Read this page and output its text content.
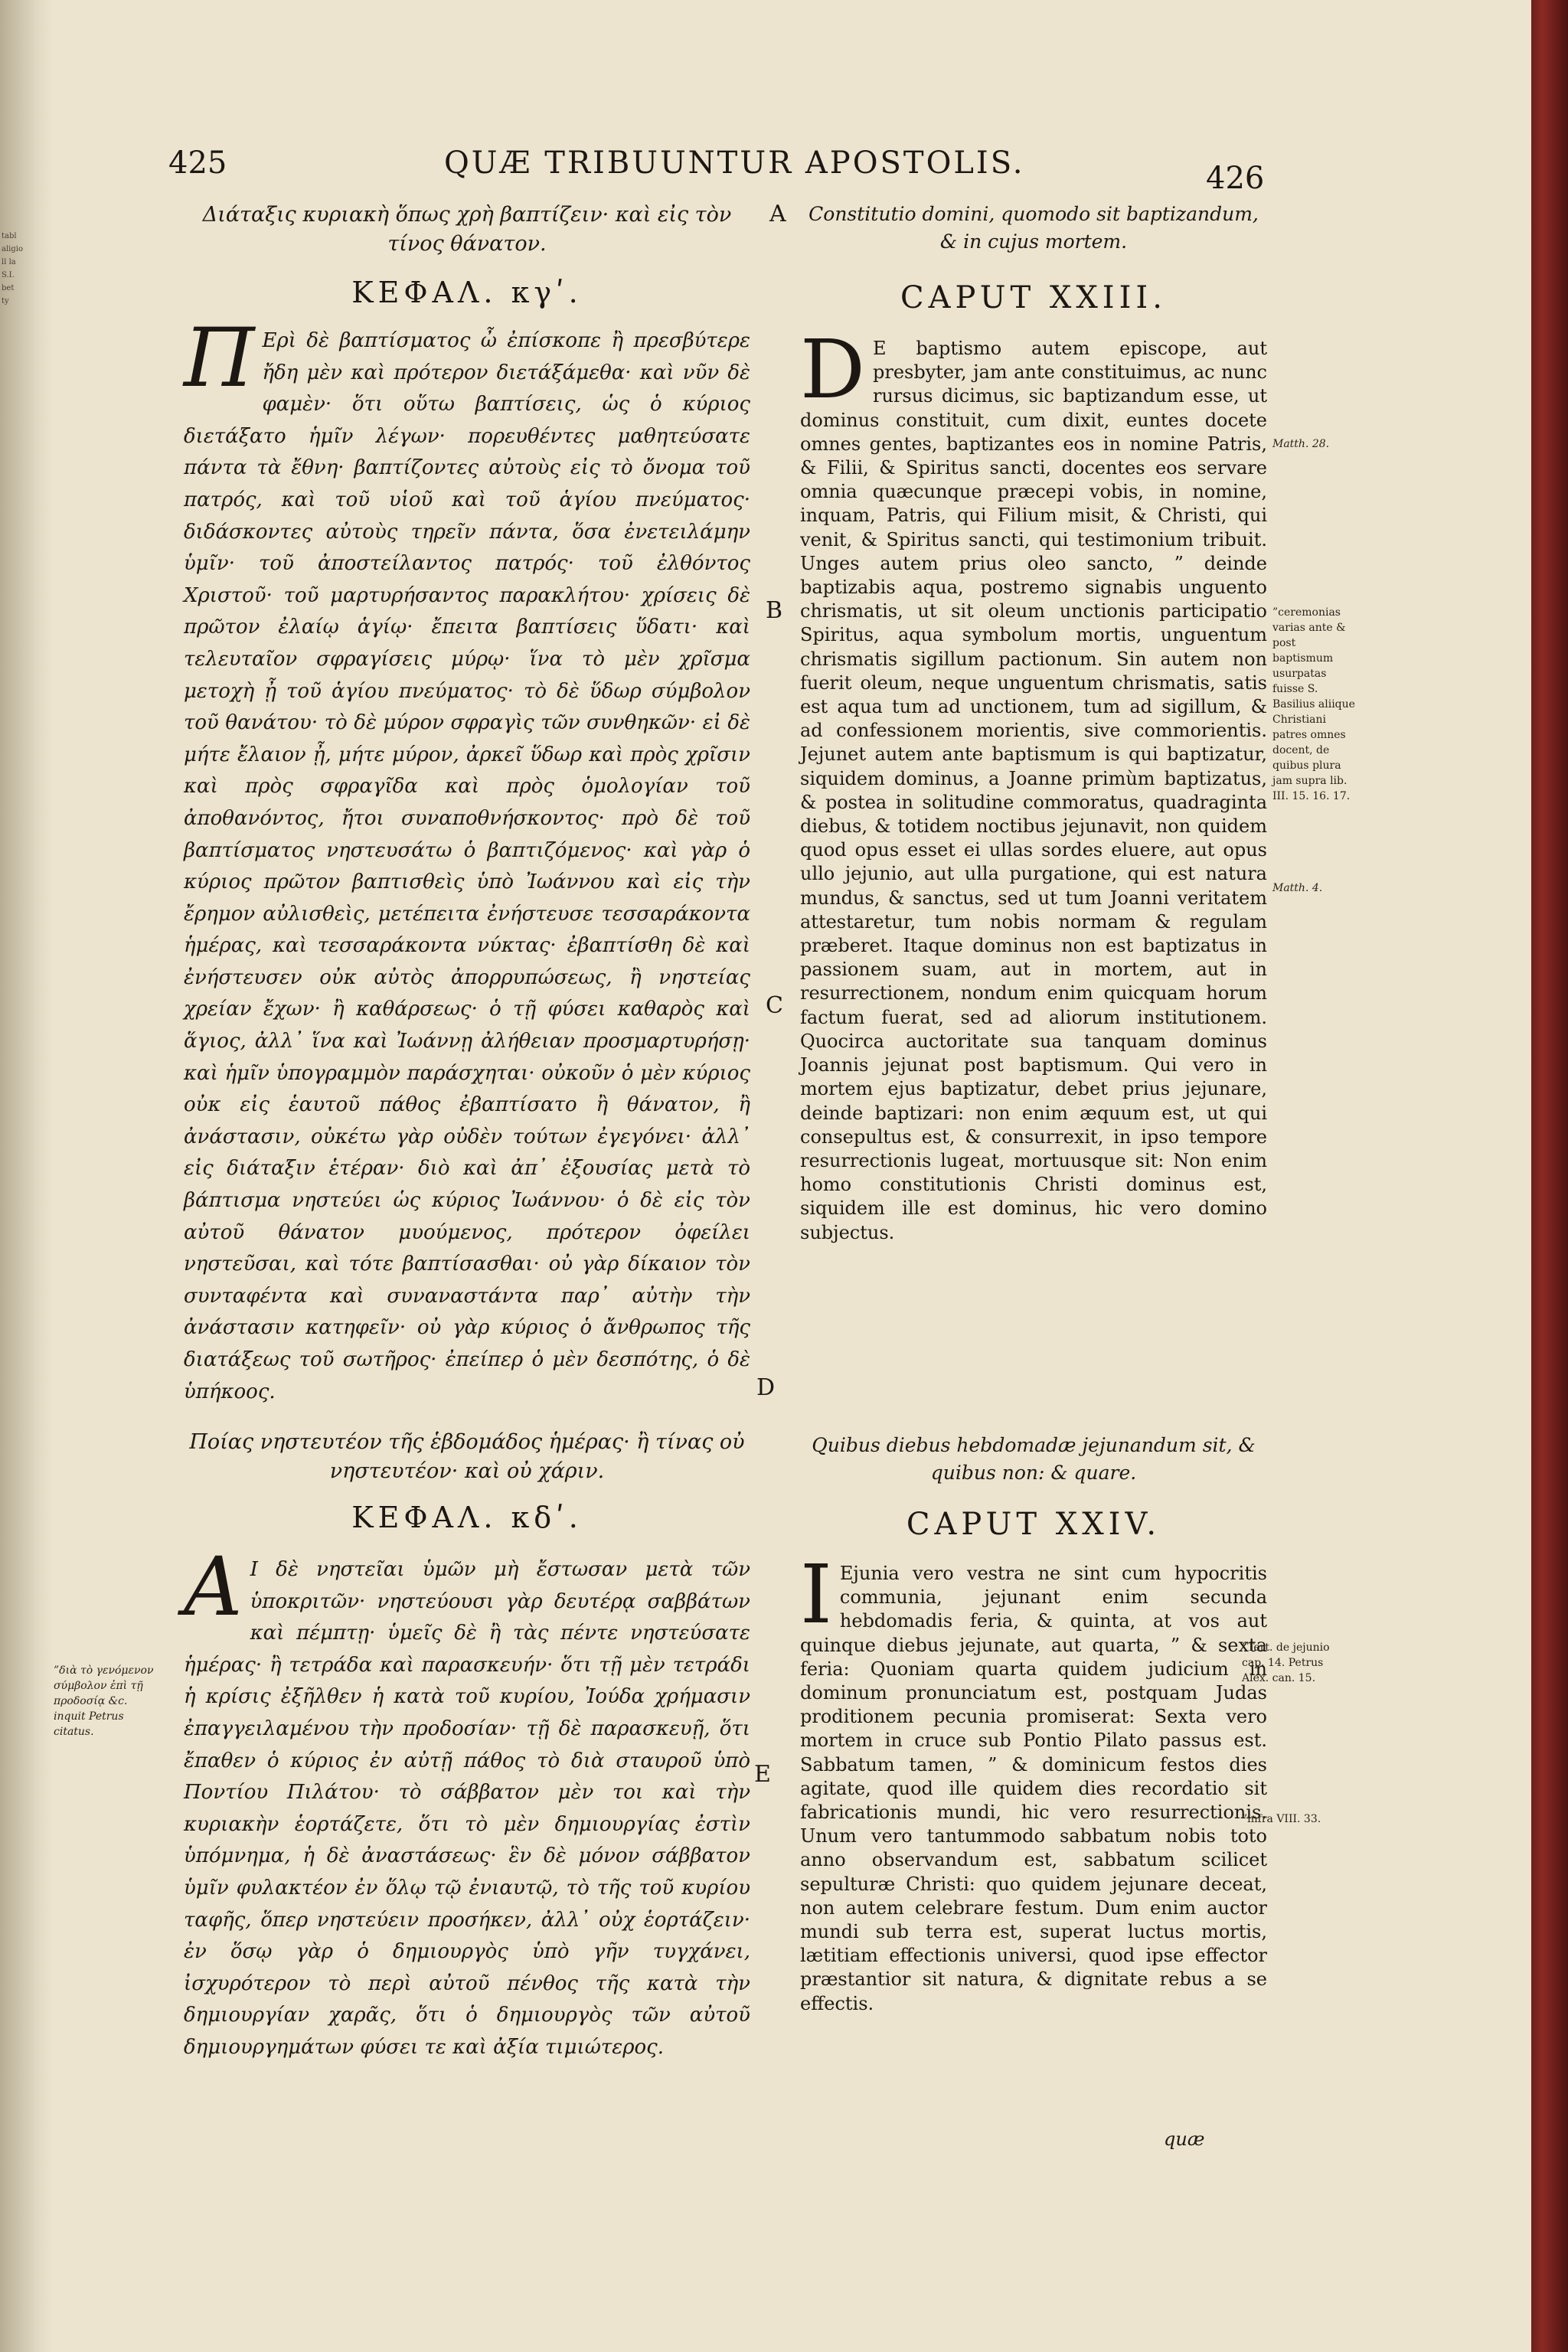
tabl
aligio
ll la
S.I.
bet
ty
425	QUÆ TRIBUUNTUR APOSTOLIS.	426
Διάταξις κυριακὴ ὅπως χρὴ βαπτίζειν· καὶ εἰς τὸν τίνος θάνατον.
Constitutio domini, quomodo sit baptizandum, & in cujus mortem.
ΚΕΦΑΛ. κγʹ.	CAPUT XXIII.
Π Ερὶ δὲ βαπτίσματος ὦ ἐπίσκοπε ἢ πρεσβύτερε ἤδη μὲν καὶ πρότερον διετάξάμεθα· καὶ νῦν δὲ φαμὲν· ὅτι οὕτω βαπτίσεις, ὡς ὁ κύριος διετάξατο ἡμῖν λέγων· πορευθέντες μαθητεύσατε πάντα τὰ ἔθνη· βαπτίζοντες αὐτοὺς εἰς τὸ ὄνομα τοῦ πατρός, καὶ τοῦ υἱοῦ καὶ τοῦ ἁγίου πνεύματος· διδάσκοντες αὐτοὺς τηρεῖν πάντα, ὅσα ἐνετειλάμην ὑμῖν· τοῦ ἀποστείλαντος πατρός· τοῦ ἐλθόντος Χριστοῦ· τοῦ μαρτυρήσαντος παρακλήτου· χρίσεις δὲ πρῶτον ἐλαίῳ ἁγίῳ· ἔπειτα βαπτίσεις ὕδατι· καὶ τελευταῖον σφραγίσεις μύρῳ· ἵνα τὸ μὲν χρῖσμα μετοχὴ ᾖ τοῦ ἁγίου πνεύματος· τὸ δὲ ὕδωρ σύμβολον τοῦ θανάτου· τὸ δὲ μύρον σφραγὶς τῶν συνθηκῶν· εἰ δὲ μήτε ἔλαιον ᾖ, μήτε μύρον, ἀρκεῖ ὕδωρ καὶ πρὸς χρῖσιν καὶ πρὸς σφραγῖδα καὶ πρὸς ὁμολογίαν τοῦ ἀποθανόντος, ἤτοι συναποθνήσκοντος· πρὸ δὲ τοῦ βαπτίσματος νηστευσάτω ὁ βαπτιζόμενος· καὶ γὰρ ὁ κύριος πρῶτον βαπτισθεὶς ὑπὸ Ἰωάννου καὶ εἰς τὴν ἔρημον αὐλισθεὶς, μετέπειτα ἐνήστευσε τεσσαράκοντα ἡμέρας, καὶ τεσσαράκοντα νύκτας· ἐβαπτίσθη δὲ καὶ ἐνήστευσεν οὐκ αὐτὸς ἀπορρυπώσεως, ἢ νηστείας χρείαν ἔχων· ἢ καθάρσεως· ὁ τῇ φύσει καθαρὸς καὶ ἅγιος, ἀλλ᾽ ἵνα καὶ Ἰωάννῃ ἀλήθειαν προσμαρτυρήσῃ· καὶ ἡμῖν ὑπογραμμὸν παράσχηται· οὐκοῦν ὁ μὲν κύριος οὐκ εἰς ἑαυτοῦ πάθος ἐβαπτίσατο ἢ θάνατον, ἢ ἀνάστασιν, οὐκέτω γὰρ οὐδὲν τούτων ἐγεγόνει· ἀλλ᾽ εἰς διάταξιν ἑτέραν· διὸ καὶ ἀπ᾽ ἐξουσίας μετὰ τὸ βάπτισμα νηστεύει ὡς κύριος Ἰωάννου· ὁ δὲ εἰς τὸν αὐτοῦ θάνατον μυούμενος, πρότερον ὀφείλει νηστεῦσαι, καὶ τότε βαπτίσασθαι· οὐ γὰρ δίκαιον τὸν συνταφέντα καὶ συναναστάντα παρ᾽ αὐτὴν τὴν ἀνάστασιν κατηφεῖν· οὐ γὰρ κύριος ὁ ἄνθρωπος τῆς διατάξεως τοῦ σωτῆρος· ἐπείπερ ὁ μὲν δεσπότης, ὁ δὲ ὑπήκοος.
D E baptismo autem episcope, aut presbyter, jam ante constituimus, ac nunc rursus dicimus, sic baptizandum esse, ut dominus constituit, cum dixit, euntes docete omnes gentes, baptizantes eos in nomine Patris, & Filii, & Spiritus sancti, docentes eos servare omnia quæcunque præcepi vobis, in nomine, inquam, Patris, qui Filium misit, & Christi, qui venit, & Spiritus sancti, qui testimonium tribuit. Unges autem prius oleo sancto, ” deinde baptizabis aqua, postremo signabis unguento chrismatis, ut sit oleum unctionis participatio Spiritus, aqua symbolum mortis, unguentum chrismatis sigillum pactionum. Sin autem non fuerit oleum, neque unguentum chrismatis, satis est aqua tum ad unctionem, tum ad sigillum, & ad confessionem morientis, sive commorientis. Jejunet autem ante baptismum is qui baptizatur, siquidem dominus, a Joanne primùm baptizatus, & postea in solitudine commoratus, quadraginta diebus, & totidem noctibus jejunavit, non quidem quod opus esset ei ullas sordes eluere, aut opus ullo jejunio, aut ulla purgatione, qui est natura mundus, & sanctus, sed ut tum Joanni veritatem attestaretur, tum nobis normam & regulam præberet. Itaque dominus non est baptizatus in passionem suam, aut in mortem, aut in resurrectionem, nondum enim quicquam horum factum fuerat, sed ad aliorum institutionem. Quocirca auctoritate sua tanquam dominus Joannis jejunat post baptismum. Qui vero in mortem ejus baptizatur, debet prius jejunare, deinde baptizari: non enim æquum est, ut qui consepultus est, & consurrexit, in ipso tempore resurrectionis lugeat, mortuusque sit: Non enim homo constitutionis Christi dominus est, siquidem ille est dominus, hic vero domino subjectus.
Ποίας νηστευτέον τῆς ἑβδομάδος ἡμέρας· ἢ τίνας οὐ νηστευτέον· καὶ οὐ χάριν.
Quibus diebus hebdomadæ jejunandum sit, & quibus non: & quare.
ΚΕΦΑΛ. κδʹ.	CAPUT XXIV.
Α Ι δὲ νηστεῖαι ὑμῶν μὴ ἔστωσαν μετὰ τῶν ὑποκριτῶν· νηστεύουσι γὰρ δευτέρᾳ σαββάτων καὶ πέμπτῃ· ὑμεῖς δὲ ἢ τὰς πέντε νηστεύσατε ἡμέρας· ἢ τετράδα καὶ παρασκευήν· ὅτι τῇ μὲν τετράδι ἡ κρίσις ἐξῆλθεν ἡ κατὰ τοῦ κυρίου, Ἰούδα χρήμασιν ἐπαγγειλαμένου τὴν προδοσίαν· τῇ δὲ παρασκευῇ, ὅτι ἔπαθεν ὁ κύριος ἐν αὐτῇ πάθος τὸ διὰ σταυροῦ ὑπὸ Ποντίου Πιλάτου· τὸ σάββατον μὲν τοι καὶ τὴν κυριακὴν ἑορτάζετε, ὅτι τὸ μὲν δημιουργίας ἐστὶν ὑπόμνημα, ἡ δὲ ἀναστάσεως· ἓν δὲ μόνον σάββατον ὑμῖν φυλακτέον ἐν ὅλῳ τῷ ἐνιαυτῷ, τὸ τῆς τοῦ κυρίου ταφῆς, ὅπερ νηστεύειν προσήκεν, ἀλλ᾽ οὐχ ἑορτάζειν· ἐν ὅσῳ γὰρ ὁ δημιουργὸς ὑπὸ γῆν τυγχάνει, ἰσχυρότερον τὸ περὶ αὐτοῦ πένθος τῆς κατὰ τὴν δημιουργίαν χαρᾶς, ὅτι ὁ δημιουργὸς τῶν αὐτοῦ δημιουργημάτων φύσει τε καὶ ἀξία τιμιώτερος.
I Ejunia vero vestra ne sint cum hypocritis communia, jejunant enim secunda hebdomadis feria, & quinta, at vos aut quinque diebus jejunate, aut quarta, ” & sexta feria: Quoniam quarta quidem judicium in dominum pronunciatum est, postquam Judas proditionem pecunia promiserat: Sexta vero mortem in cruce sub Pontio Pilato passus est. Sabbatum tamen, ” & dominicum festos dies agitate, quod ille quidem dies recordatio sit fabricationis mundi, hic vero resurrectionis. Unum vero tantummodo sabbatum nobis toto anno observandum est, sabbatum scilicet sepulturæ Christi: quo quidem jejunare deceat, non autem celebrare festum. Dum enim auctor mundi sub terra est, superat luctus mortis, lætitiam effectionis universi, quod ipse effector præstantior sit natura, & dignitate rebus a se effectis.
A
B
C
D
E
Matth. 28.
”ceremonias varias ante & post baptismum usurpatas fuisse S. Basilius aliique Christiani patres omnes docent, de quibus plura jam supra lib. III. 15. 16. 17.
Matth. 4.
”Tert. de jejunio cap. 14. Petrus Alex. can. 15.
”infra VIII. 33.
”διὰ τὸ γενόμενον σύμβολον ἐπὶ τῇ προδοσίᾳ &c. inquit Petrus citatus.
quæ
